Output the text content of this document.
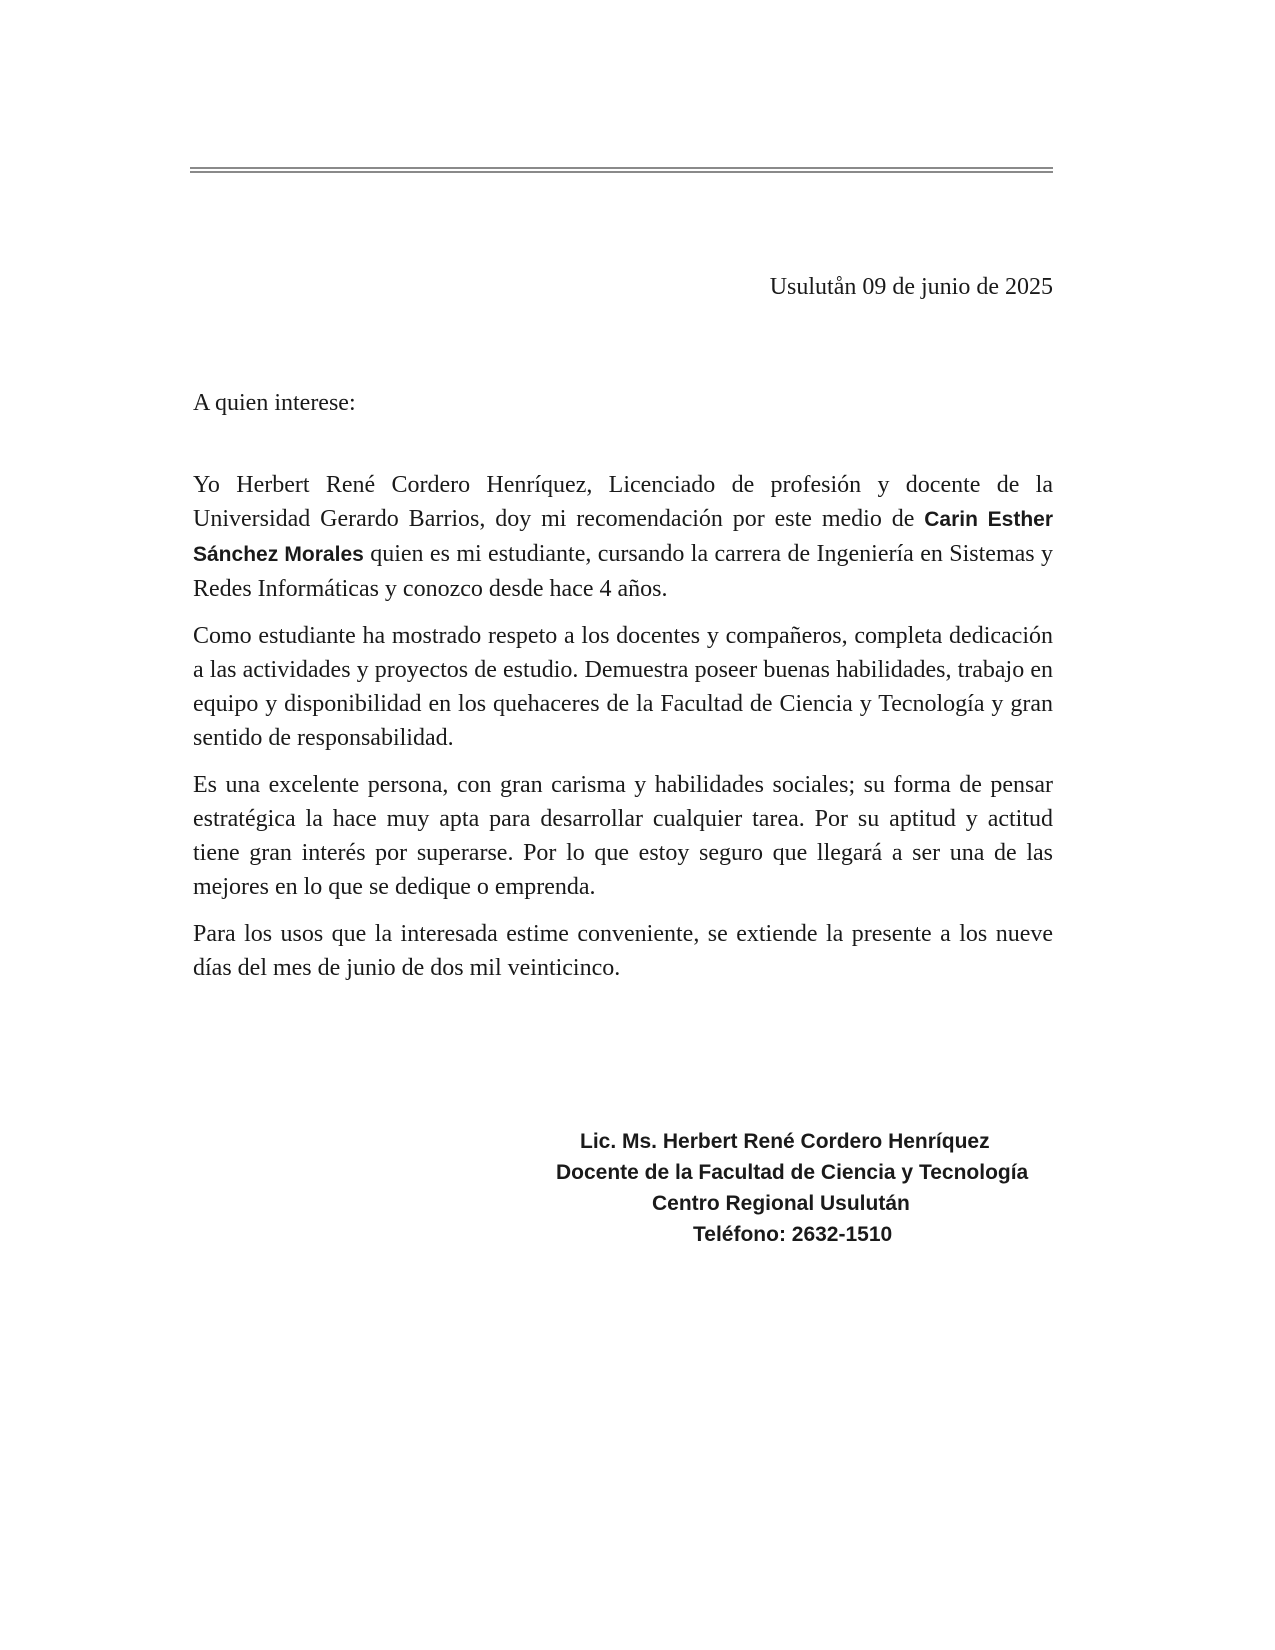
Usulutån 09 de junio de 2025
A quien interese:

Yo Herbert René Cordero Henríquez, Licenciado de profesión y docente de la Universidad Gerardo Barrios, doy mi recomendación por este medio de Carin Esther Sánchez Morales quien es mi estudiante, cursando la carrera de Ingeniería en Sistemas y Redes Informáticas y conozco desde hace 4 años.

Como estudiante ha mostrado respeto a los docentes y compañeros, completa dedicación a las actividades y proyectos de estudio. Demuestra poseer buenas habilidades, trabajo en equipo y disponibilidad en los quehaceres de la Facultad de Ciencia y Tecnología y gran sentido de responsabilidad.

Es una excelente persona, con gran carisma y habilidades sociales; su forma de pensar estratégica la hace muy apta para desarrollar cualquier tarea. Por su aptitud y actitud tiene gran interés por superarse. Por lo que estoy seguro que llegará a ser una de las mejores en lo que se dedique o emprenda.

Para los usos que la interesada estime conveniente, se extiende la presente a los nueve días del mes de junio de dos mil veinticinco.

Lic. Ms. Herbert René Cordero Henríquez
Docente de la Facultad de Ciencia y Tecnología
Centro Regional Usulután
Teléfono: 2632-1510
